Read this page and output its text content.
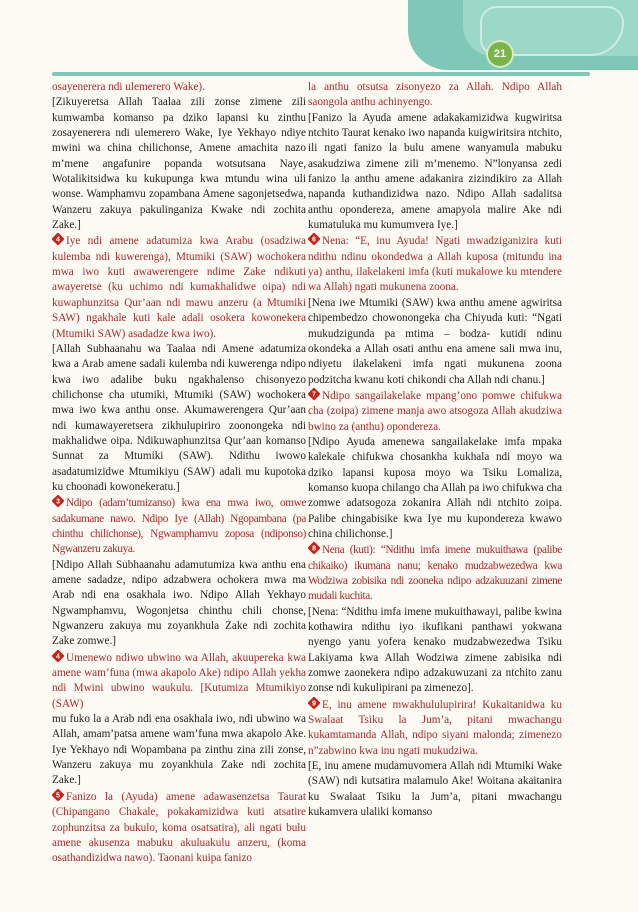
21

osayenerera ndi ulemerero Wake).

[Zikuyeretsa Allah Taalaa zili zonse zimene zili kumwamba komanso pa dziko lapansi ku zinthu zosayenerera ndi ulemerero Wake, Iye Yekhayo ndiye mwini wa china chilichonse, Amene amachita nazo m’mene angafunire popanda wotsutsana Naye, Wotalikitsidwa ku kukupunga kwa mtundu wina uli wonse. Wamphamvu zopambana Amene sagonjetsedwa, Wanzeru zakuya pakulinganiza Kwake ndi zochita Zake.]

4 Iye ndi amene adatumiza kwa Arabu (osadziwa kulemba ndi kuwerenga), Mtumiki (SAW) wochokera mwa iwo kuti awawerengere ndime Zake ndikuti awayeretse (ku uchimo ndi kumakhalidwe oipa) ndi kuwaphunzitsa Qur’aan ndi mawu anzeru (a Mtumiki SAW) ngakhale kuti kale adali osokera kowonekera (Mtumiki SAW) asadadze kwa iwo).

[Allah Subhaanahu wa Taalaa ndi Amene adatumiza kwa a Arab amene sadali kulemba ndi kuwerenga ndipo kwa iwo adalibe buku ngakhalenso chisonyezo chilichonse cha utumiki, Mtumiki (SAW) wochokera mwa iwo kwa anthu onse. Akumawerengera Qur’aan ndi kumawayeretsera zikhulupiriro zoonongeka ndi makhalidwe oipa. Ndikuwaphunzitsa Qur’aan komanso Sunnat za Mtumiki (SAW). Ndithu iwowo asadatumizidwe Mtumikiyu (SAW) adali mu kupotoka ku choonadi kowonekeratu.]

3 Ndipo (adam’tumizanso) kwa ena mwa iwo, omwe sadakumane nawo. Ndipo Iye (Allah) Ngopambana (pa chinthu chilichonse), Ngwamphamvu zoposa (ndiponso) Ngwanzeru zakuya.

[Ndipo Allah Subhaanahu adamutumiza kwa anthu ena amene sadadze, ndipo adzabwera ochokera mwa ma Arab ndi ena osakhala iwo. Ndipo Allah Yekhayo Ngwamphamvu, Wogonjetsa chinthu chili chonse, Ngwanzeru zakuya mu zoyankhula Zake ndi zochita Zake zomwe.]

4 Umenewo ndiwo ubwino wa Allah, akuupereka kwa amene wam’funa (mwa akapolo Ake) ndipo Allah yekha ndi Mwini ubwino waukulu. [Kutumiza Mtumikiyo (SAW)

mu fuko la a Arab ndi ena osakhala iwo, ndi ubwino wa Allah, amam’patsa amene wam’funa mwa akapolo Ake. Iye Yekhayo ndi Wopambana pa zinthu zina zili zonse, Wanzeru zakuya mu zoyankhula Zake ndi zochita Zake.]

5 Fanizo la (Ayuda) amene adawasenzetsa Taurat (Chipangano Chakale, pokakamizidwa kuti atsatire zophunzitsa za bukulo, koma osatsatira), ali ngati bulu amene akusenza mabuku akuluakulu anzeru, (koma osathandizidwa nawo). Taonani kuipa fanizo

la anthu otsutsa zisonyezo za Allah. Ndipo Allah saongola anthu achinyengo.

[Fanizo la Ayuda amene adakakamizidwa kugwiritsa ntchito Taurat kenako iwo napanda kuigwiritsira ntchito, ili ngati fanizo la bulu amene wanyamula mabuku asakudziwa zimene zili m’menemo. N”lonyansa zedi fanizo la anthu amene adakanira zizindikiro za Allah napanda kuthandizidwa nazo. Ndipo Allah sadalitsa anthu opondereza, amene amapyola malire Ake ndi kumatuluka mu kumumvera Iye.]

6 Nena: “E, inu Ayuda! Ngati mwadziganizira kuti ndithu ndinu okondedwa a Allah kuposa (mitundu ina ya) anthu, ilakelakeni imfa (kuti mukalowe ku mtendere wa Allah) ngati mukunena zoona.

[Nena iwe Mtumiki (SAW) kwa anthu amene agwiritsa chipembedzo chowonongeka cha Chiyuda kuti: “Ngati mukudzigunda pa mtima – bodza- kutidi ndinu okondeka a Allah osati anthu ena amene sali mwa inu, ndiyetu ilakelakeni imfa ngati mukunena zoona podzitcha kwanu koti chikondi cha Allah ndi chanu.]

7 Ndipo sangailakelake mpang’ono pomwe chifukwa cha (zoipa) zimene manja awo atsogoza Allah akudziwa bwino za (anthu) opondereza.

[Ndipo Ayuda amenewa sangailakelake imfa mpaka kalekale chifukwa chosankha kukhala ndi moyo wa dziko lapansi kuposa moyo wa Tsiku Lomaliza, komanso kuopa chilango cha Allah pa iwo chifukwa cha zomwe adatsogoza zokanira Allah ndi ntchito zoipa. Palibe chingabisike kwa Iye mu kupondereza kwawo china chilichonse.]

8 Nena (kuti): “Ndithu imfa imene mukuithawa (palibe chikaiko) ikumana nanu; kenako mudzabwezedwa kwa Wodziwa zobisika ndi zooneka ndipo adzakuuzani zimene mudali kuchita.

[Nena: “Ndithu imfa imene mukuithawayi, palibe kwina kothawira ndithu iyo ikufikani panthawi yokwana nyengo yanu yofera kenako mudzabwezedwa Tsiku Lakiyama kwa Allah Wodziwa zimene zabisika ndi zomwe zaonekera ndipo adzakuwuzani za ntchito zanu zonse ndi kukulipirani pa zimenezo].

9 E, inu amene mwakhululupirira! Kukaitanidwa ku Swalaat Tsiku la Jum’a, pitani mwachangu kukamtamanda Allah, ndipo siyani malonda; zimenezo n”zabwino kwa inu ngati mukudziwa.

[E, inu amene mudamuvomera Allah ndi Mtumiki Wake (SAW) ndi kutsatira malamulo Ake! Woitana akaitanira ku Swalaat Tsiku la Jum’a, pitani mwachangu kukamvera ulaliki komanso
